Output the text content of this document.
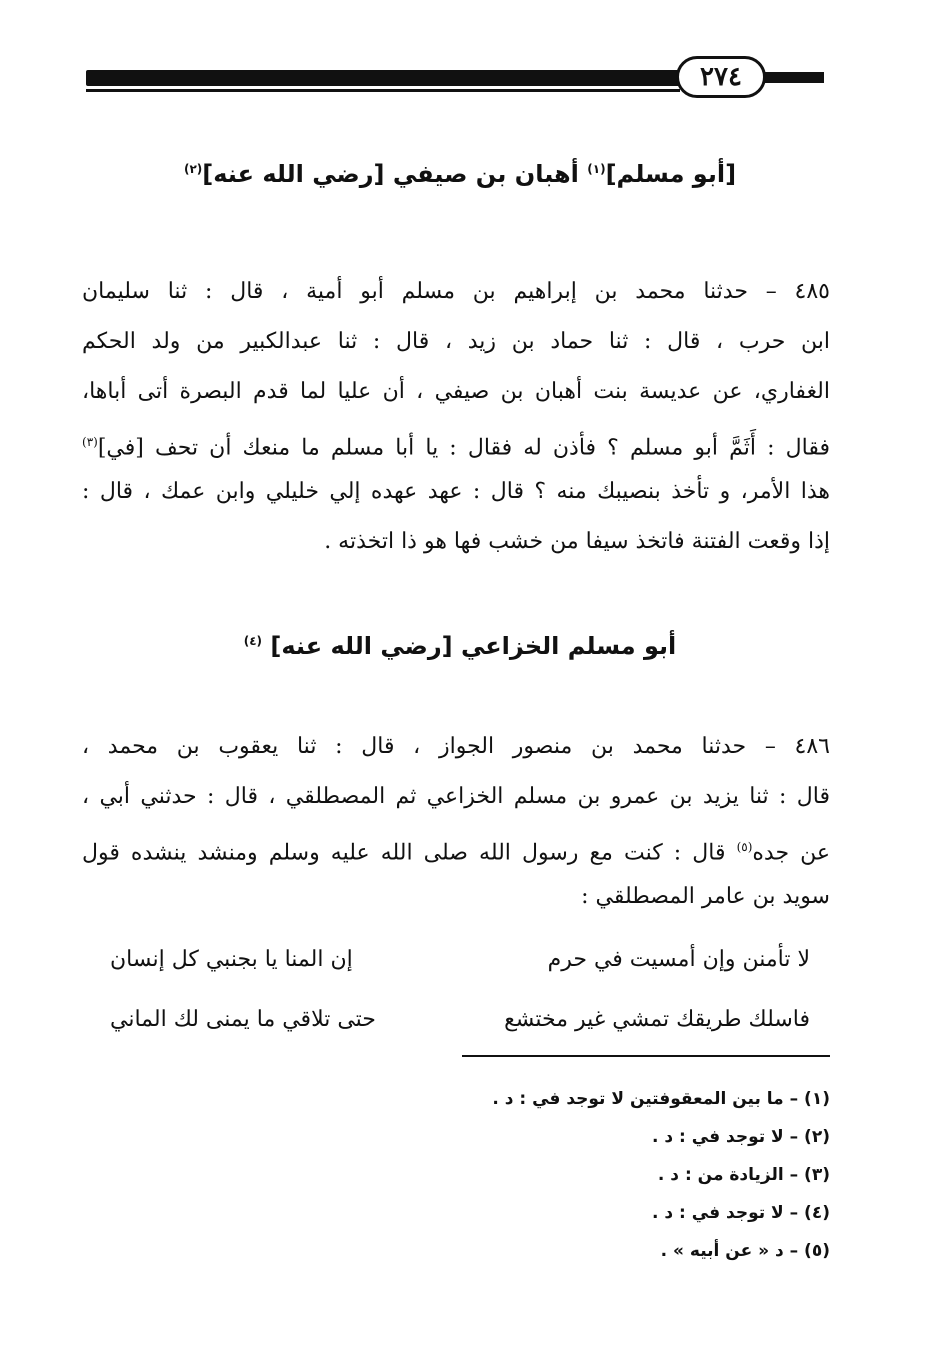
٢٧٤
[أبو مسلم]$^{(١)}$ أهبان بن صيفي [رضي الله عنه]$^{(٢)}$
٤٨٥ – حدثنا محمد بن إبراهيم بن مسلم أبو أمية ، قال : ثنا سليمان
ابن حرب ، قال : ثنا حماد بن زيد ، قال : ثنا عبدالكبير من ولد الحكم
الغفاري، عن عديسة بنت أهبان بن صيفي ، أن عليا لما قدم البصرة أتى أباها،
فقال : أَثَمَّ أبو مسلم ؟ فأذن له فقال : يا أبا مسلم ما منعك أن تحف [في]$^{(٣)}$
هذا الأمر، و تأخذ بنصيبك منه ؟ قال : عهد عهده إلي خليلي وابن عمك ، قال :
إذا وقعت الفتنة فاتخذ سيفا من خشب فها هو ذا اتخذته .
أبو مسلم الخزاعي [رضي الله عنه] $^{(٤)}$
٤٨٦ – حدثنا محمد بن منصور الجواز ، قال : ثنا يعقوب بن محمد ،
قال : ثنا يزيد بن عمرو بن مسلم الخزاعي ثم المصطلقي ، قال : حدثني أبي ،
عن جده$^{(٥)}$ قال : كنت مع رسول الله صلى الله عليه وسلم ومنشد ينشده قول
سويد بن عامر المصطلقي :
لا تأمنن وإن أمسيت في حرم
إن المنا يا بجنبي كل إنسان
فاسلك طريقك تمشي غير مختشع
حتى تلاقي ما يمنى لك الماني
(١) – ما بين المعقوفتين لا توجد في : د .
(٢) – لا توجد في : د .
(٣) – الزيادة من : د .
(٤) – لا توجد في : د .
(٥) – د « عن أبيه » .
